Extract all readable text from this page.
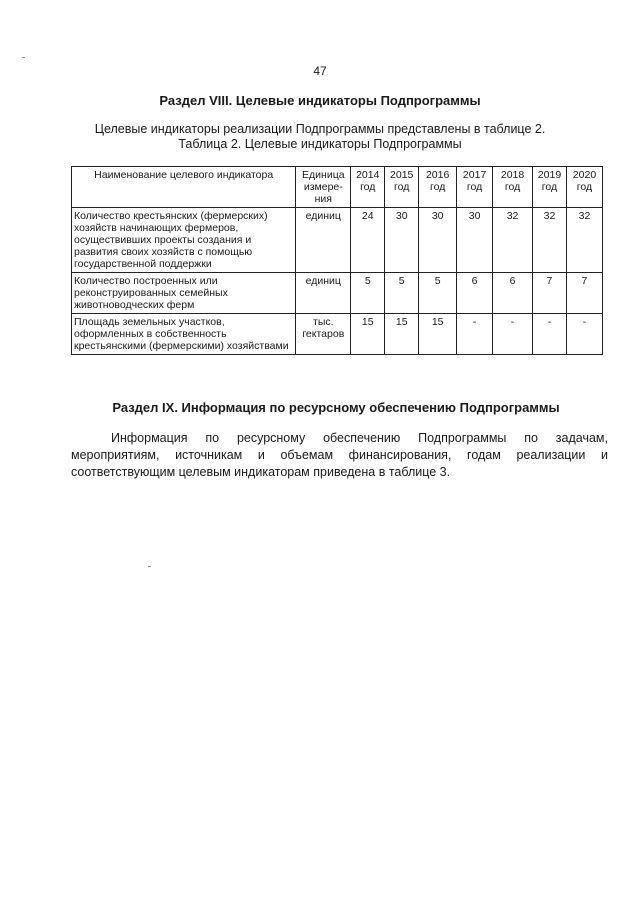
47
Раздел VIII. Целевые индикаторы Подпрограммы
Целевые индикаторы реализации Подпрограммы представлены в таблице 2.
Таблица 2. Целевые индикаторы Подпрограммы
Наименование целевого индикатора	Единица измере-ния	2014 год	2015 год	2016 год	2017 год	2018 год	2019 год	2020 год
Количество крестьянских (фермерских) хозяйств начинающих фермеров, осуществивших проекты создания и развития своих хозяйств с помощью государственной поддержки	единиц	24	30	30	30	32	32	32
Количество построенных или реконструированных семейных животноводческих ферм	единиц	5	5	5	6	6	7	7
Площадь земельных участков, оформленных в собственность крестьянскими (фермерскими) хозяйствами	тыс. гектаров	15	15	15	-	-	-	-
Раздел IX. Информация по ресурсному обеспечению Подпрограммы
Информация по ресурсному обеспечению Подпрограммы по задачам, мероприятиям, источникам и объемам финансирования, годам реализации и соответствующим целевым индикаторам приведена в таблице 3.
